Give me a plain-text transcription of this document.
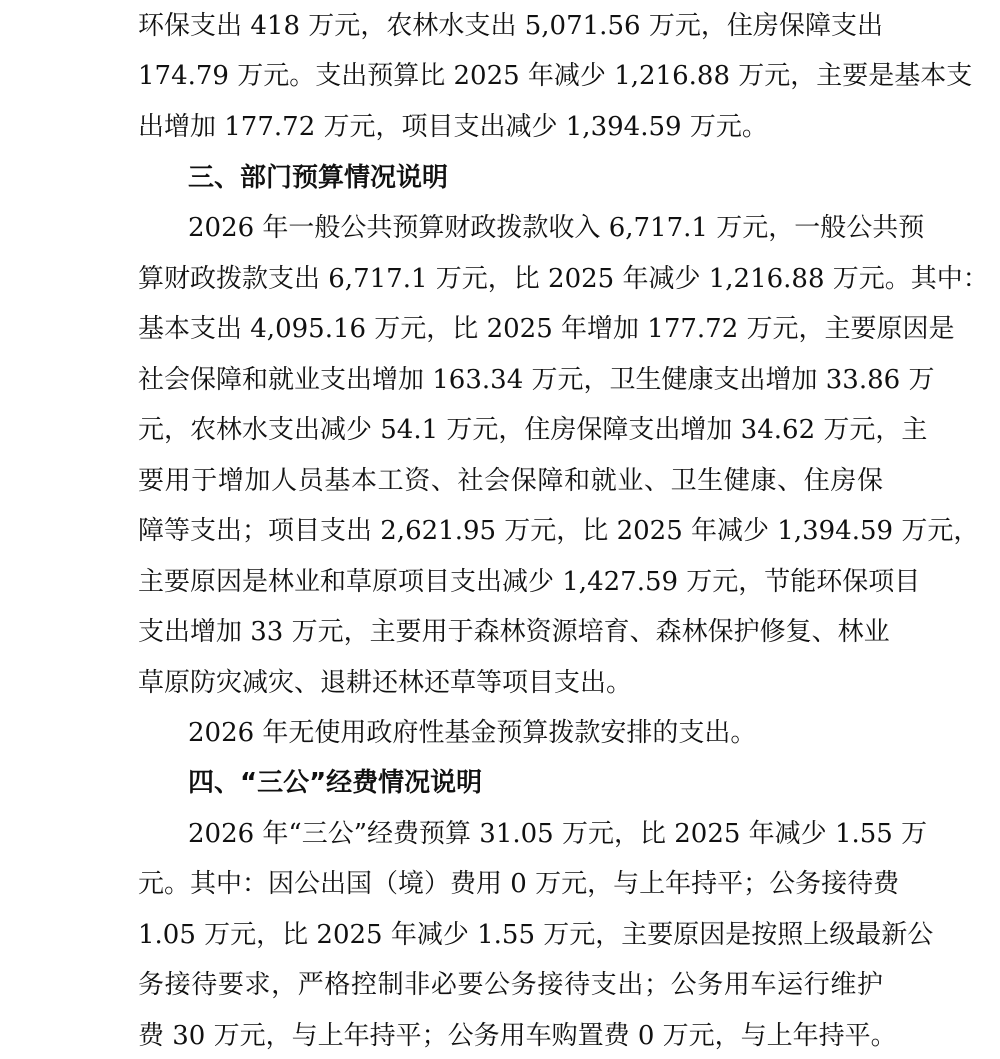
环保支出 418 万元，农林水支出 5,071.56 万元，住房保障支出
174.79 万元。支出预算比 2025 年减少 1,216.88 万元，主要是基本支
出增加 177.72 万元，项目支出减少 1,394.59 万元。
三、部门预算情况说明
2026 年一般公共预算财政拨款收入 6,717.1 万元，一般公共预
算财政拨款支出 6,717.1 万元，比 2025 年减少 1,216.88 万元。其中：
基本支出 4,095.16 万元，比 2025 年增加 177.72 万元，主要原因是
社会保障和就业支出增加 163.34 万元，卫生健康支出增加 33.86 万
元，农林水支出减少 54.1 万元，住房保障支出增加 34.62 万元，主
要用于增加人员基本工资、社会保障和就业、卫生健康、住房保
障等支出；项目支出 2,621.95 万元，比 2025 年减少 1,394.59 万元，
主要原因是林业和草原项目支出减少 1,427.59 万元，节能环保项目
支出增加 33 万元，主要用于森林资源培育、森林保护修复、林业
草原防灾减灾、退耕还林还草等项目支出。
2026 年无使用政府性基金预算拨款安排的支出。
四、“三公”经费情况说明
2026 年“三公”经费预算 31.05 万元，比 2025 年减少 1.55 万
元。其中：因公出国（境）费用 0 万元，与上年持平；公务接待费
1.05 万元，比 2025 年减少 1.55 万元，主要原因是按照上级最新公
务接待要求，严格控制非必要公务接待支出；公务用车运行维护
费 30 万元，与上年持平；公务用车购置费 0 万元，与上年持平。
